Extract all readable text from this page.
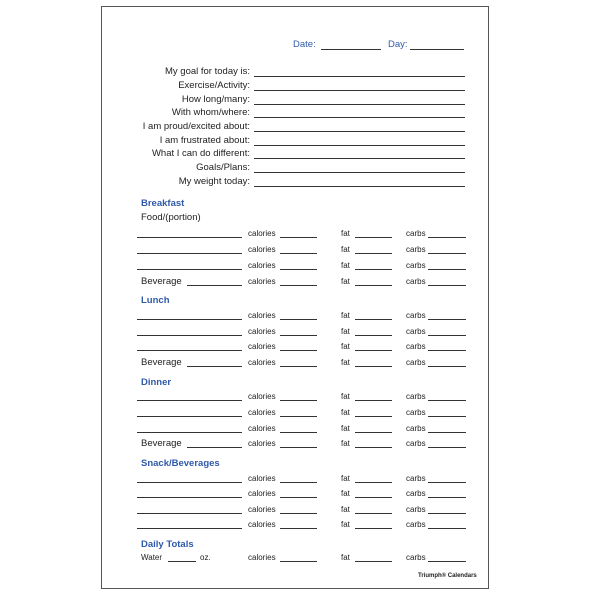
Date:	Day:
My goal for today is:
Exercise/Activity:
How long/many:
With whom/where:
I am proud/excited about:
I am frustrated about:
What I can do different:
Goals/Plans:
My weight today:
Breakfast
Food/(portion)
calories	fat	carbs
calories	fat	carbs
calories	fat	carbs
Beverage	calories	fat	carbs
Lunch
calories	fat	carbs
calories	fat	carbs
calories	fat	carbs
Beverage	calories	fat	carbs
Dinner
calories	fat	carbs
calories	fat	carbs
calories	fat	carbs
Beverage	calories	fat	carbs
Snack/Beverages
calories	fat	carbs
calories	fat	carbs
calories	fat	carbs
calories	fat	carbs
Daily Totals
Water	oz.	calories	fat	carbs
Triumph® Calendars
